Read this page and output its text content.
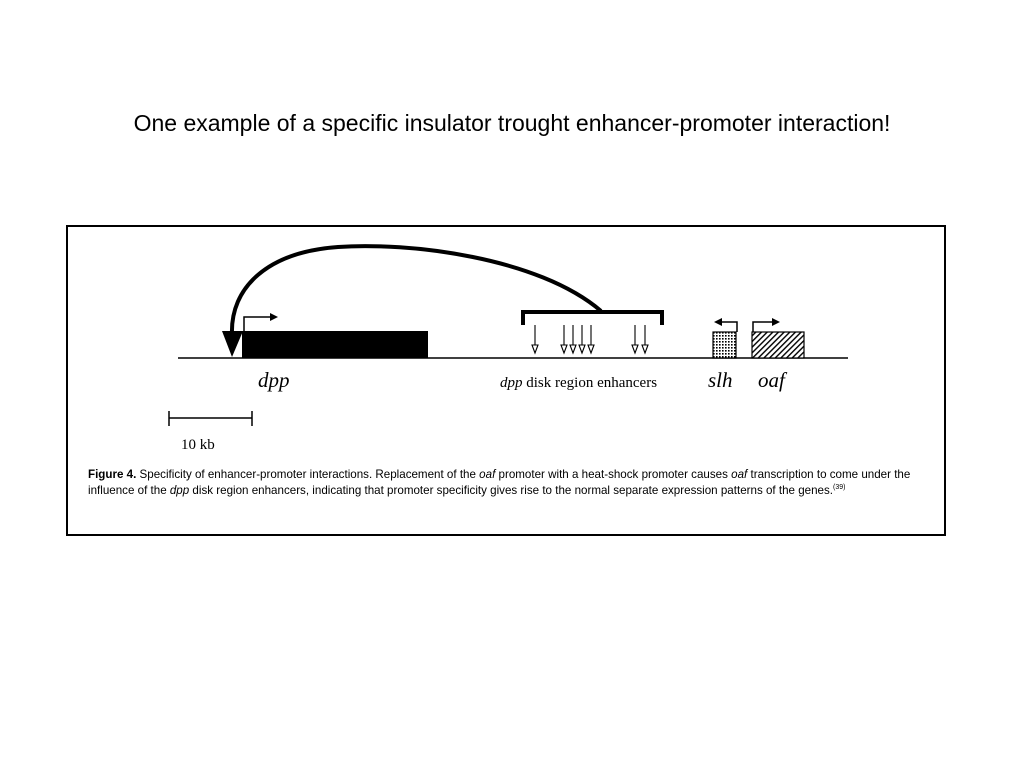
One example of a specific insulator trought enhancer-promoter interaction!
dpp	dpp disk region enhancers slh oaf
10 kb
Figure 4. Specificity of enhancer-promoter interactions. Replacement of the oaf promoter with a heat-shock promoter causes oaf transcription to come under the influence of the dpp disk region enhancers, indicating that promoter specificity gives rise to the normal separate expression patterns of the genes.$^{(39)}$
